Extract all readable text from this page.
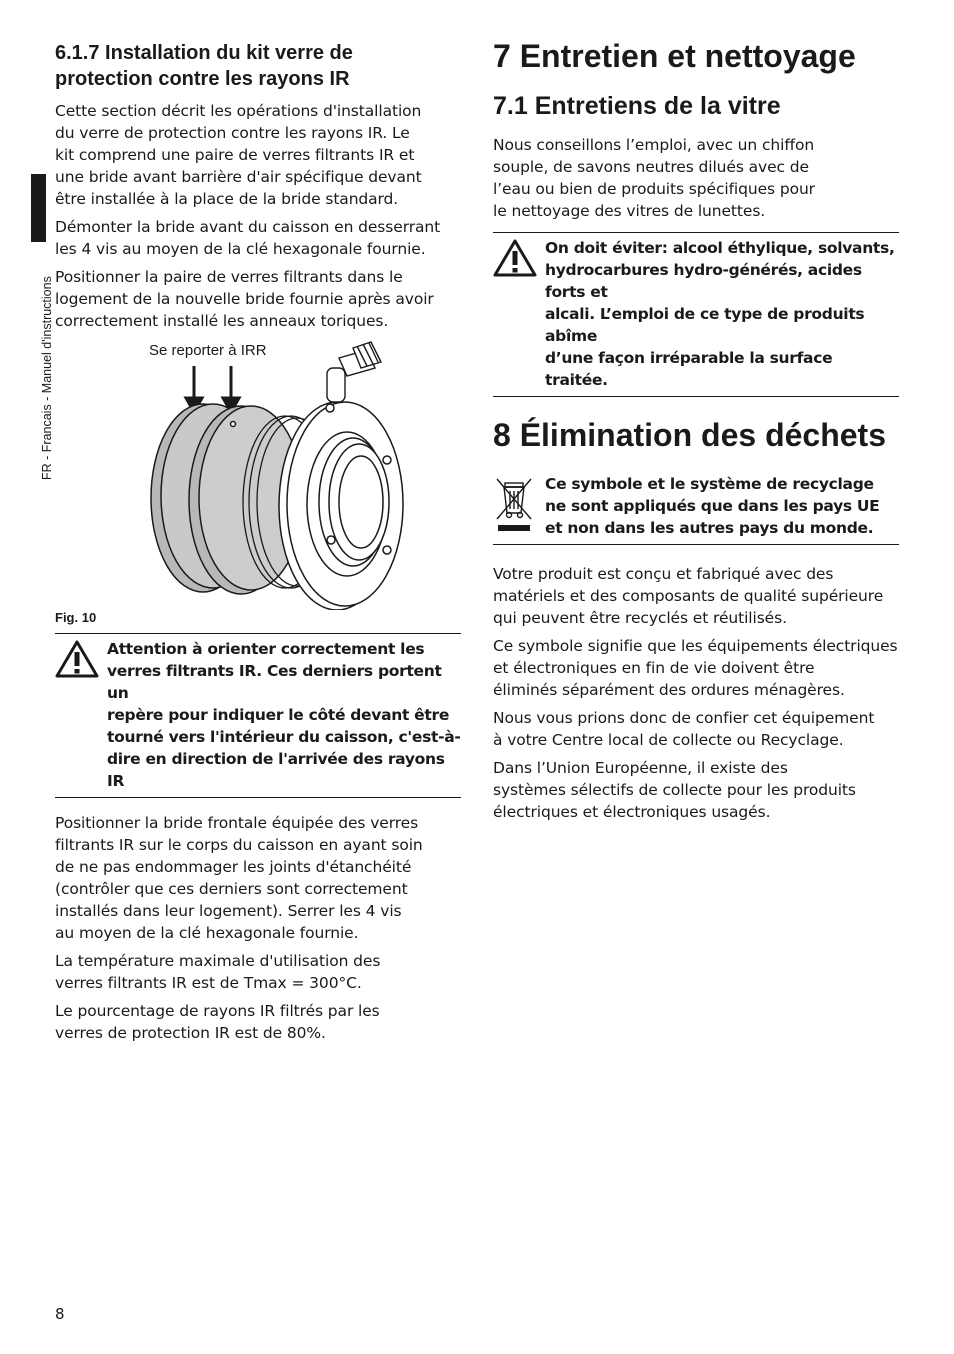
FR - Francais - Manuel d'instructions
6.1.7 Installation du kit verre de
protection contre les rayons IR

Cette section décrit les opérations d'installation
du verre de protection contre les rayons IR. Le
kit comprend une paire de verres filtrants IR et
une bride avant barrière d'air spécifique devant
être installée à la place de la bride standard.

Démonter la bride avant du caisson en desserrant
les 4 vis au moyen de la clé hexagonale fournie.

Positionner la paire de verres filtrants dans le
logement de la nouvelle bride fournie après avoir
correctement installé les anneaux toriques.

Se reporter à IRR

Fig. 10

Attention à orienter correctement les
verres filtrants IR. Ces derniers portent un
repère pour indiquer le côté devant être
tourné vers l'intérieur du caisson, c'est-à-
dire en direction de l'arrivée des rayons IR

Positionner la bride frontale équipée des verres
filtrants IR sur le corps du caisson en ayant soin
de ne pas endommager les joints d'étanchéité
(contrôler que ces derniers sont correctement
installés dans leur logement). Serrer les 4 vis
au moyen de la clé hexagonale fournie.

La température maximale d'utilisation des
verres filtrants IR est de Tmax = 300°C.

Le pourcentage de rayons IR filtrés par les
verres de protection IR est de 80%.

7 Entretien et nettoyage
7.1 Entretiens de la vitre

Nous conseillons l’emploi, avec un chiffon
souple, de savons neutres dilués avec de
l’eau ou bien de produits spécifiques pour
le nettoyage des vitres de lunettes.

On doit éviter: alcool éthylique, solvants,
hydrocarbures hydro-générés, acides forts et
alcali. L’emploi de ce type de produits abîme
d’une façon irréparable la surface traitée.
8 Élimination des déchets
Ce symbole et le système de recyclage
ne sont appliqués que dans les pays UE
et non dans les autres pays du monde.

Votre produit est conçu et fabriqué avec des
matériels et des composants de qualité supérieure
qui peuvent être recyclés et réutilisés.

Ce symbole signifie que les équipements électriques
et électroniques en fin de vie doivent être
éliminés séparément des ordures ménagères.

Nous vous prions donc de confier cet équipement
à votre Centre local de collecte ou Recyclage.

Dans l’Union Européenne, il existe des
systèmes sélectifs de collecte pour les produits
électriques et électroniques usagés.

8
